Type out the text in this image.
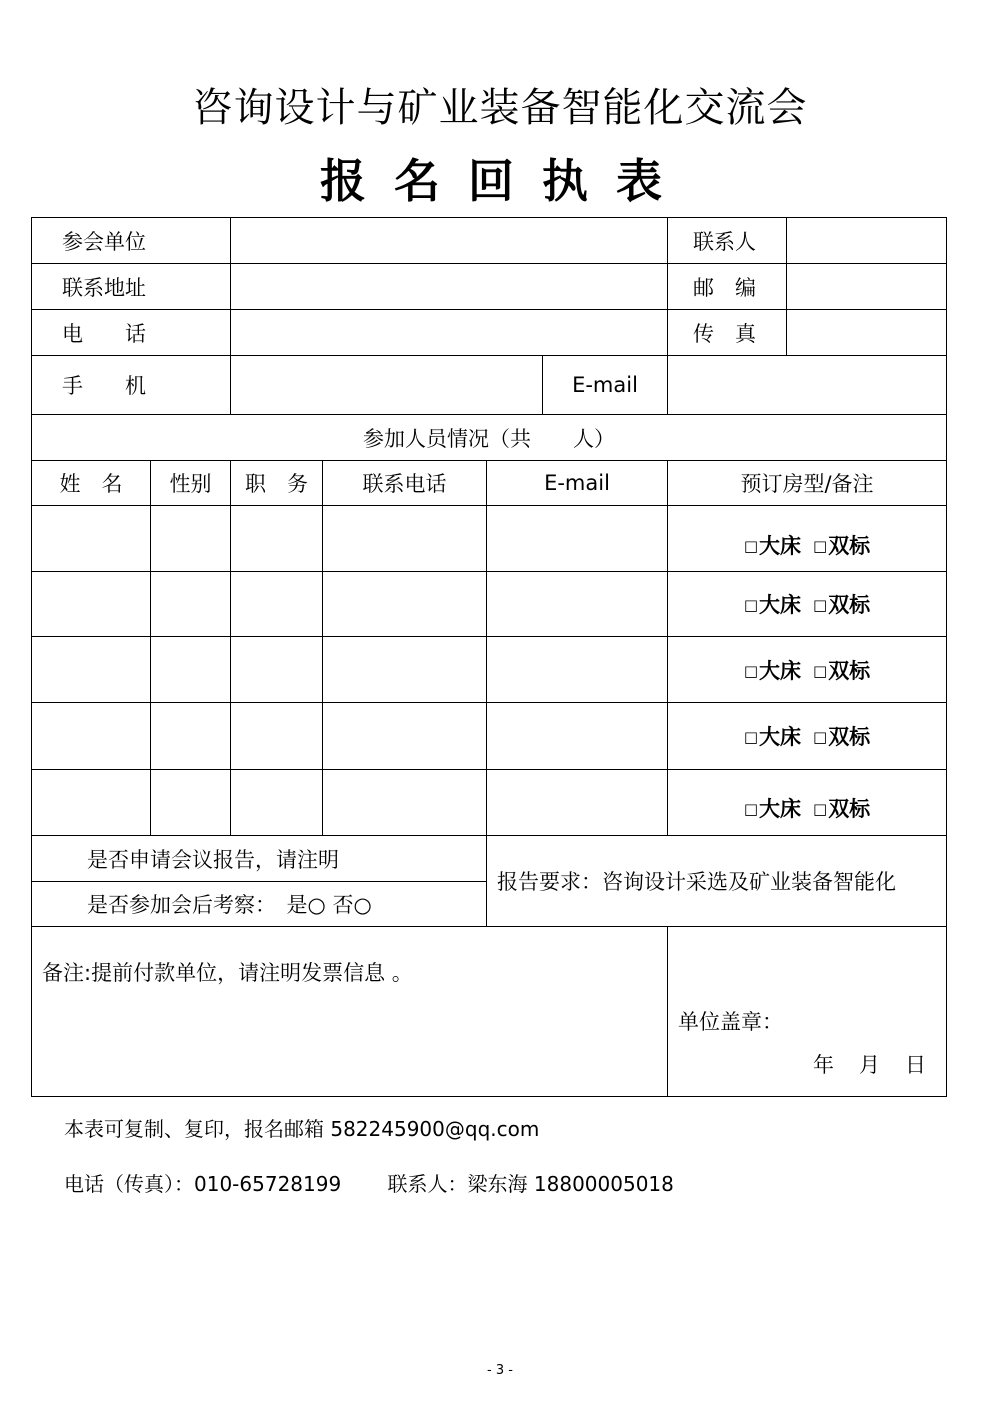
咨询设计与矿业装备智能化交流会
报名回执表
参会单位						联系人	
联系地址						邮　编	
电　　话						传　真	
手　　机					E-mail		
参加人员情况（共　　人）							
姓　名	性别	职　务	联系电话	E-mail		预订房型/备注	
						□大床 □双标	
						□大床 □双标	
						□大床 □双标	
						□大床 □双标	
						□大床 □双标	
是否申请会议报告，请注明				报告要求：咨询设计采选及矿业装备智能化			
是否参加会后考察：　是○ 否○							

备注:提前付款单位，请注明发票信息 。						单位盖章：
年　月　日	
本表可复制、复印，报名邮箱 582245900@qq.com
电话（传真）：010-65728199　　 联系人：梁东海 18800005018
- 3 -
